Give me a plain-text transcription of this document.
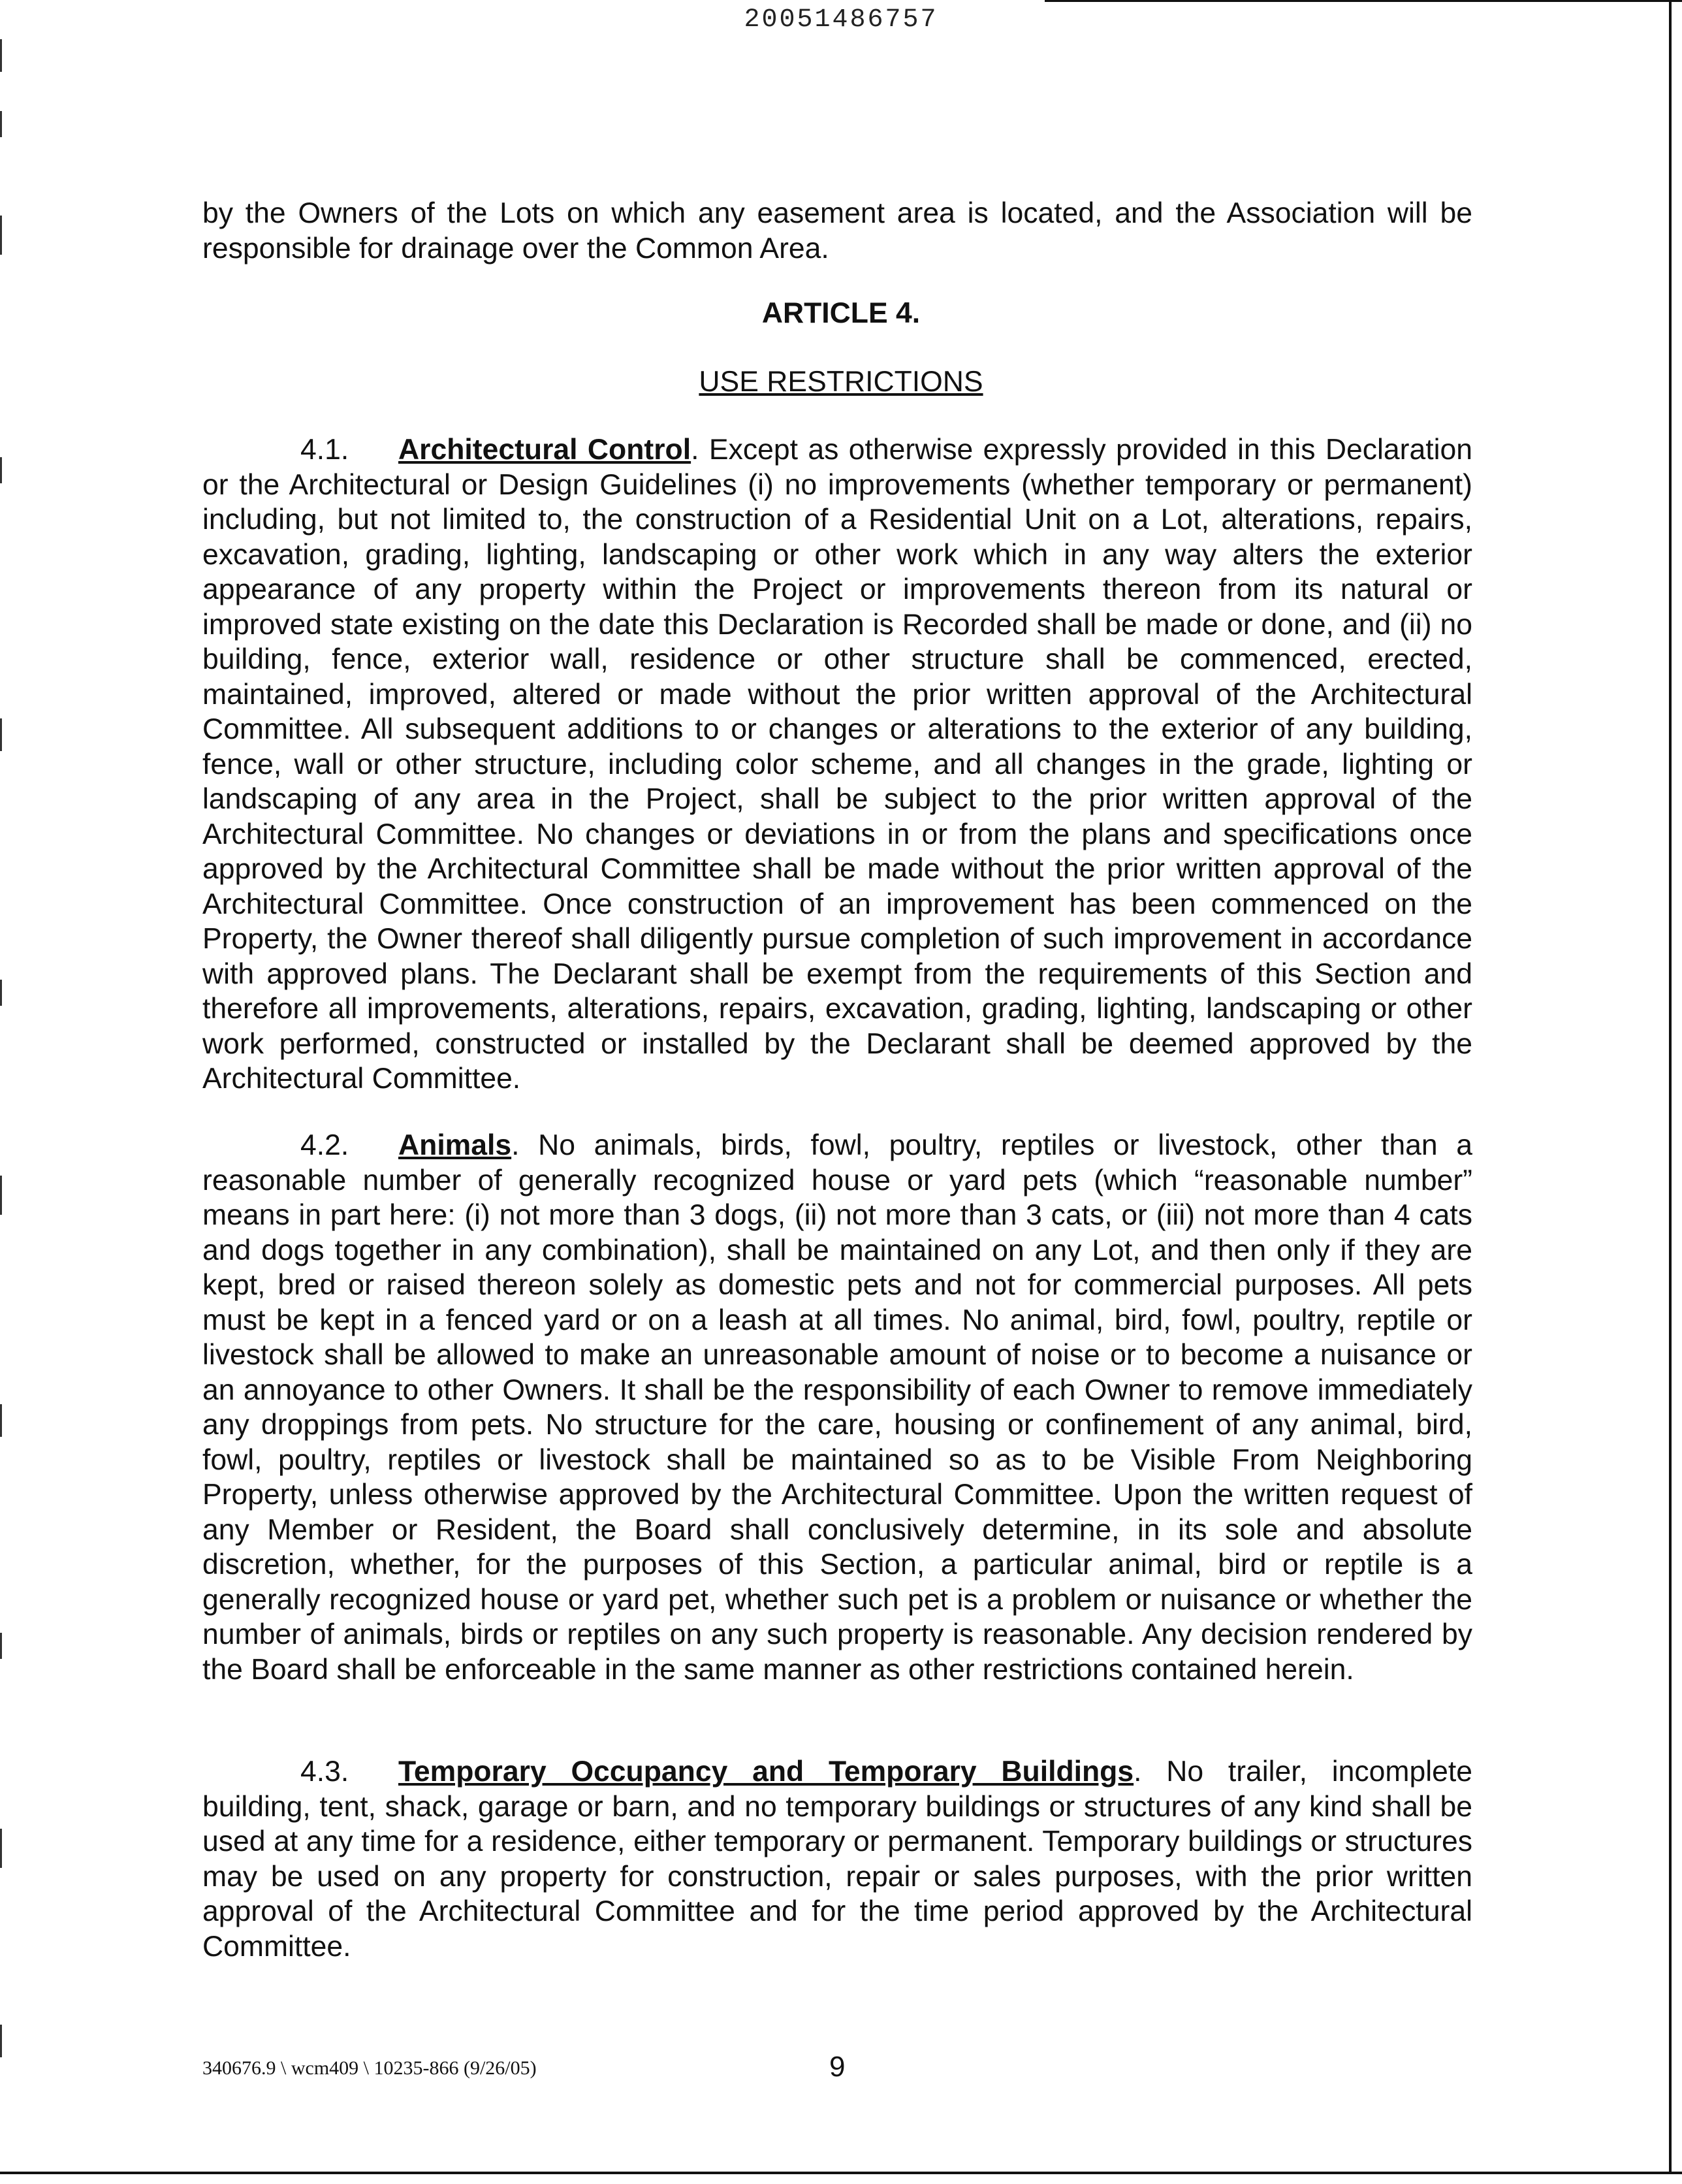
20051486757

by the Owners of the Lots on which any easement area is located, and the Association will be responsible for drainage over the Common Area.

ARTICLE 4.
USE RESTRICTIONS

4.1. Architectural Control. Except as otherwise expressly provided in this Declaration or the Architectural or Design Guidelines (i) no improvements (whether temporary or permanent) including, but not limited to, the construction of a Residential Unit on a Lot, alterations, repairs, excavation, grading, lighting, landscaping or other work which in any way alters the exterior appearance of any property within the Project or improvements thereon from its natural or improved state existing on the date this Declaration is Recorded shall be made or done, and (ii) no building, fence, exterior wall, residence or other structure shall be commenced, erected, maintained, improved, altered or made without the prior written approval of the Architectural Committee. All subsequent additions to or changes or alterations to the exterior of any building, fence, wall or other structure, including color scheme, and all changes in the grade, lighting or landscaping of any area in the Project, shall be subject to the prior written approval of the Architectural Committee. No changes or deviations in or from the plans and specifications once approved by the Architectural Committee shall be made without the prior written approval of the Architectural Committee. Once construction of an improvement has been commenced on the Property, the Owner thereof shall diligently pursue completion of such improvement in accordance with approved plans. The Declarant shall be exempt from the requirements of this Section and therefore all improvements, alterations, repairs, excavation, grading, lighting, landscaping or other work performed, constructed or installed by the Declarant shall be deemed approved by the Architectural Committee.

4.2. Animals. No animals, birds, fowl, poultry, reptiles or livestock, other than a reasonable number of generally recognized house or yard pets (which “reasonable number” means in part here: (i) not more than 3 dogs, (ii) not more than 3 cats, or (iii) not more than 4 cats and dogs together in any combination), shall be maintained on any Lot, and then only if they are kept, bred or raised thereon solely as domestic pets and not for commercial purposes. All pets must be kept in a fenced yard or on a leash at all times. No animal, bird, fowl, poultry, reptile or livestock shall be allowed to make an unreasonable amount of noise or to become a nuisance or an annoyance to other Owners. It shall be the responsibility of each Owner to remove immediately any droppings from pets. No structure for the care, housing or confinement of any animal, bird, fowl, poultry, reptiles or livestock shall be maintained so as to be Visible From Neighboring Property, unless otherwise approved by the Architectural Committee. Upon the written request of any Member or Resident, the Board shall conclusively determine, in its sole and absolute discretion, whether, for the purposes of this Section, a particular animal, bird or reptile is a generally recognized house or yard pet, whether such pet is a problem or nuisance or whether the number of animals, birds or reptiles on any such property is reasonable. Any decision rendered by the Board shall be enforceable in the same manner as other restrictions contained herein.

4.3. Temporary Occupancy and Temporary Buildings. No trailer, incomplete building, tent, shack, garage or barn, and no temporary buildings or structures of any kind shall be used at any time for a residence, either temporary or permanent. Temporary buildings or structures may be used on any property for construction, repair or sales purposes, with the prior written approval of the Architectural Committee and for the time period approved by the Architectural Committee.

340676.9 \ wcm409 \ 10235-866 (9/26/05)	9
